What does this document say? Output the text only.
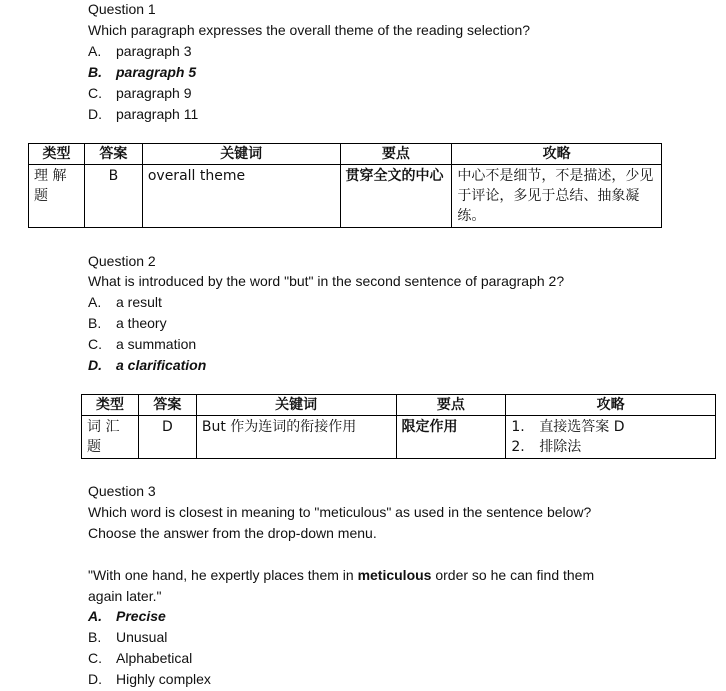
Question 1
Which paragraph expresses the overall theme of the reading selection?
A. paragraph 3
B. paragraph 5
C. paragraph 9
D. paragraph 11
类型	答案	关键词	要点	攻略
理 解 题	B	overall theme	贯穿全文的中心	中心不是细节，不是描述，少见于评论，多见于总结、抽象凝练。
Question 2
What is introduced by the word "but" in the second sentence of paragraph 2?
A. a result
B. a theory
C. a summation
D. a clarification
类型	答案	关键词	要点	攻略
词 汇 题	D	But 作为连词的衔接作用	限定作用	1. 直接选答案 D
2. 排除法
Question 3
Which word is closest in meaning to "meticulous" as used in the sentence below?
Choose the answer from the drop-down menu.
"With one hand, he expertly places them in meticulous order so he can find them
again later."
A. Precise
B. Unusual
C. Alphabetical
D. Highly complex
